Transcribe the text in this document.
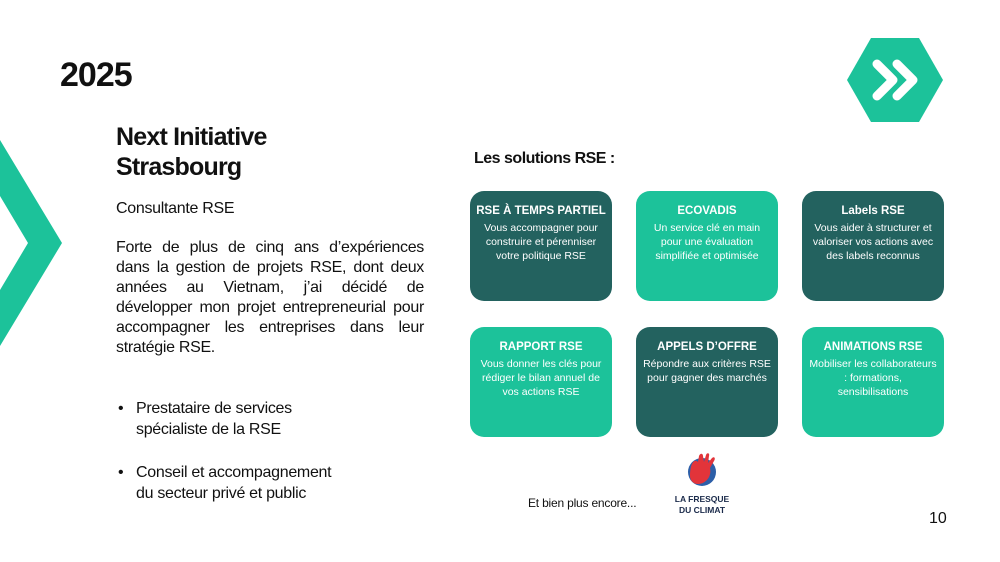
2025
Next Initiative
Strasbourg
Consultante RSE
Forte de plus de cinq ans d’expériences dans la gestion de projets RSE, dont deux années au Vietnam, j’ai décidé de développer mon projet entrepreneurial pour accompagner les entreprises dans leur stratégie RSE.
• Prestataire de services
spécialiste de la RSE
• Conseil et accompagnement
du secteur privé et public
Les solutions RSE :
RSE À TEMPS PARTIEL
Vous accompagner pour construire et pérenniser votre politique RSE
ECOVADIS
Un service clé en main pour une évaluation simplifiée et optimisée
Labels RSE
Vous aider à structurer et valoriser vos actions avec des labels reconnus
RAPPORT RSE
Vous donner les clés pour rédiger le bilan annuel de vos actions RSE
APPELS D’OFFRE
Répondre aux critères RSE pour gagner des marchés
ANIMATIONS RSE
Mobiliser les collaborateurs : formations, sensibilisations
Et bien plus encore...	LA FRESQUE
DU CLIMAT	10
